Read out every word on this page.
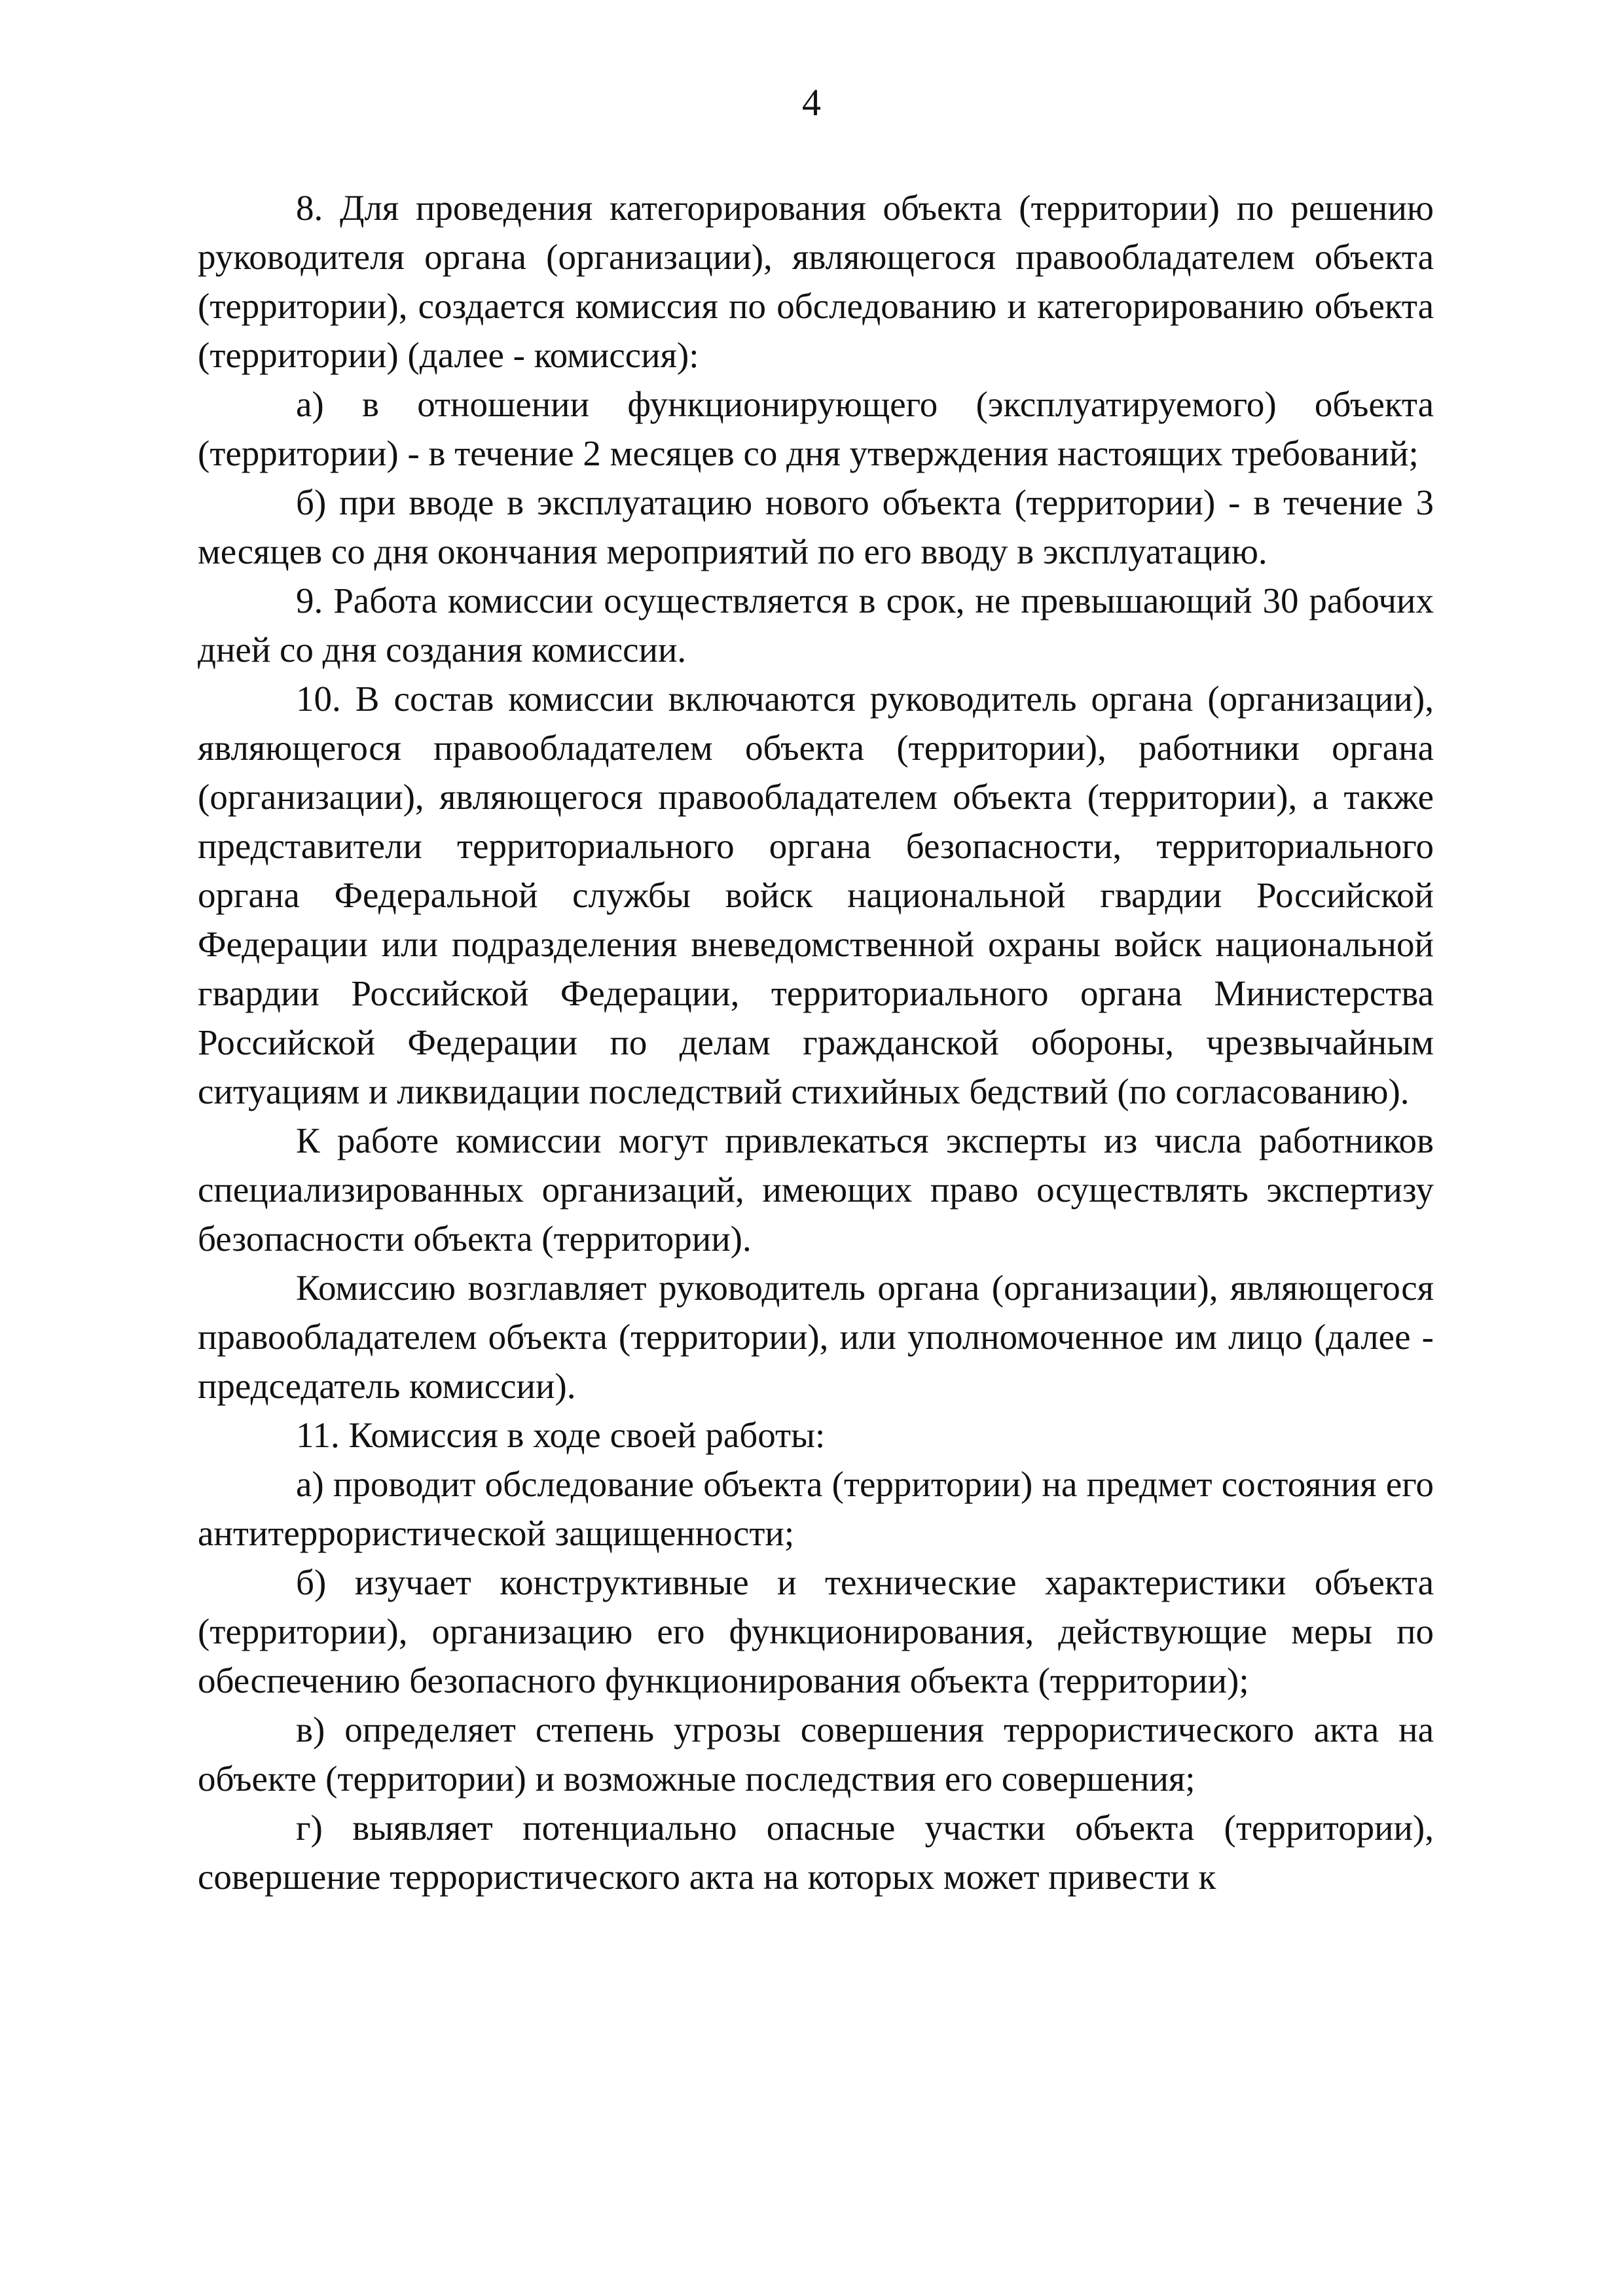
4

8. Для проведения категорирования объекта (территории) по решению руководителя органа (организации), являющегося правообладателем объекта (территории), создается комиссия по обследованию и категорированию объекта (территории) (далее - комиссия):

а) в отношении функционирующего (эксплуатируемого) объекта (территории) - в течение 2 месяцев со дня утверждения настоящих требований;

б) при вводе в эксплуатацию нового объекта (территории) - в течение 3 месяцев со дня окончания мероприятий по его вводу в эксплуатацию.

9. Работа комиссии осуществляется в срок, не превышающий 30 рабочих дней со дня создания комиссии.

10. В состав комиссии включаются руководитель органа (организации), являющегося правообладателем объекта (территории), работники органа (организации), являющегося правообладателем объекта (территории), а также представители территориального органа безопасности, территориального органа Федеральной службы войск национальной гвардии Российской Федерации или подразделения вневедомственной охраны войск национальной гвардии Российской Федерации, территориального органа Министерства Российской Федерации по делам гражданской обороны, чрезвычайным ситуациям и ликвидации последствий стихийных бедствий (по согласованию).

К работе комиссии могут привлекаться эксперты из числа работников специализированных организаций, имеющих право осуществлять экспертизу безопасности объекта (территории).

Комиссию возглавляет руководитель органа (организации), являющегося правообладателем объекта (территории), или уполномоченное им лицо (далее - председатель комиссии).

11. Комиссия в ходе своей работы:

а) проводит обследование объекта (территории) на предмет состояния его антитеррористической защищенности;

б) изучает конструктивные и технические характеристики объекта (территории), организацию его функционирования, действующие меры по обеспечению безопасного функционирования объекта (территории);

в) определяет степень угрозы совершения террористического акта на объекте (территории) и возможные последствия его совершения;

г) выявляет потенциально опасные участки объекта (территории), совершение террористического акта на которых может привести к
